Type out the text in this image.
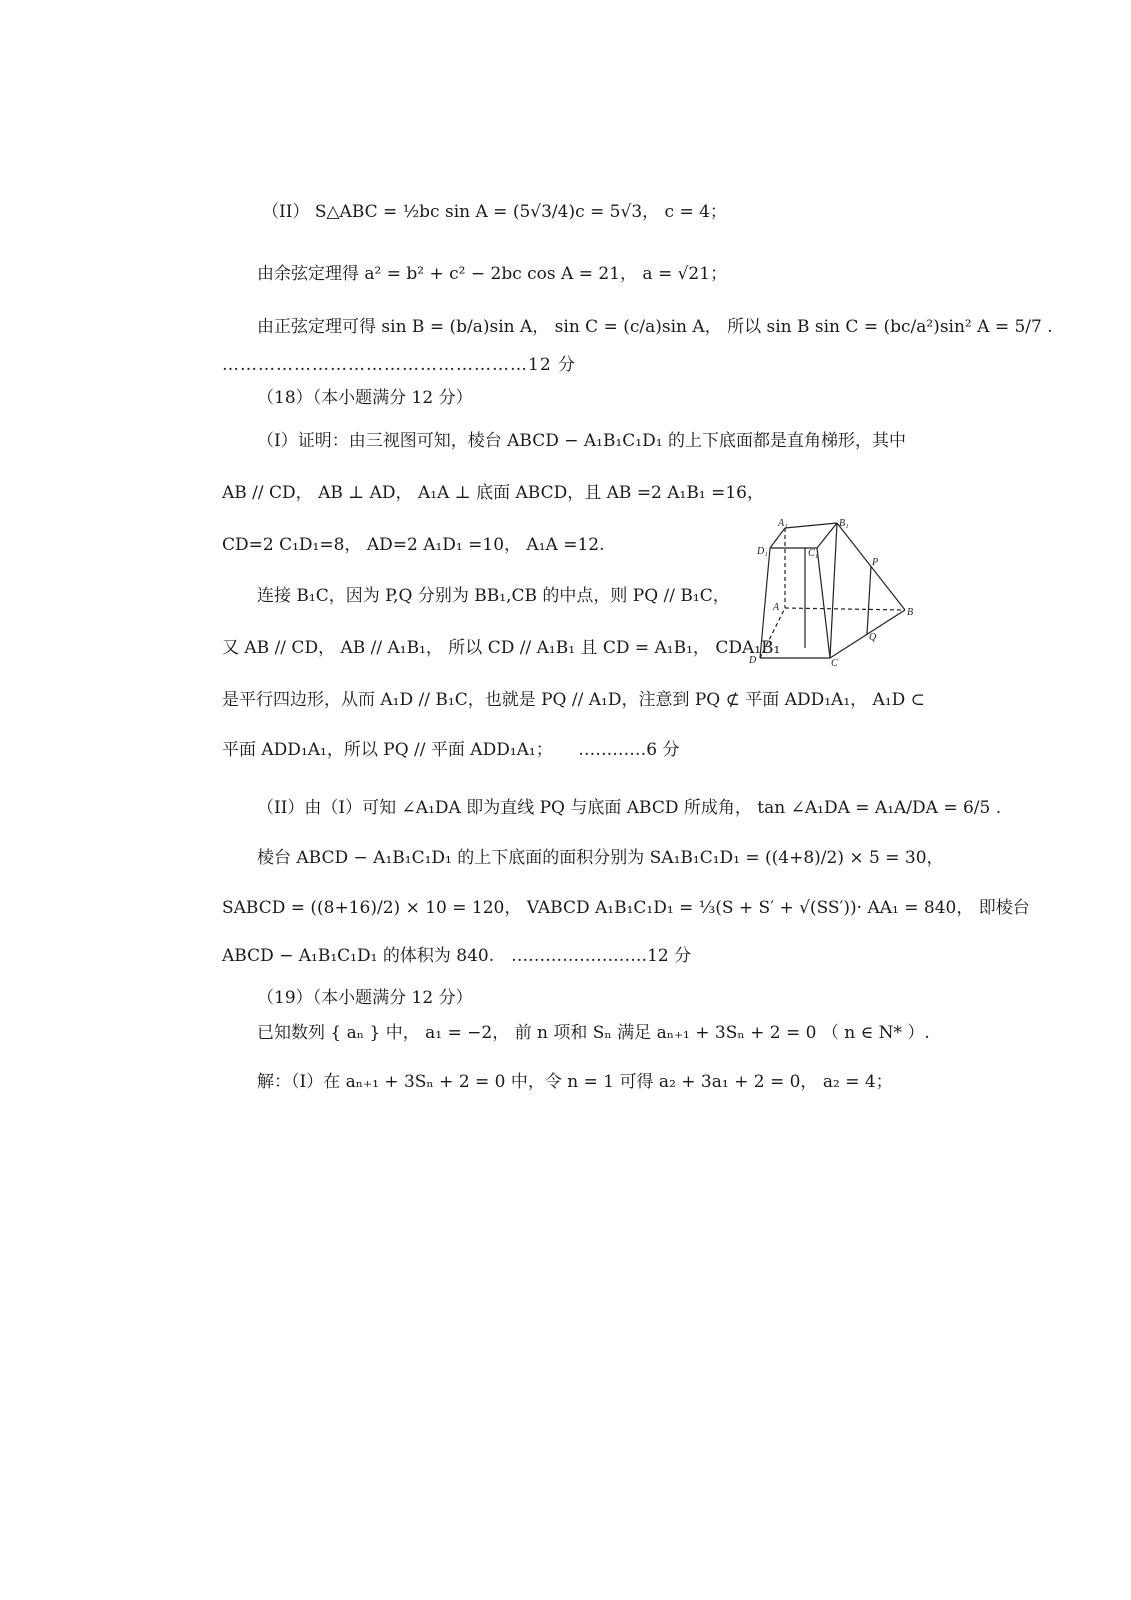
（II） S△ABC = ½bc sin A = (5√3/4)c = 5√3， c = 4；
由余弦定理得 a² = b² + c² − 2bc cos A = 21， a = √21；
由正弦定理可得 sin B = (b/a)sin A， sin C = (c/a)sin A， 所以 sin B sin C = (bc/a²)sin² A = 5/7 .
……………………………………………12 分
（18）（本小题满分 12 分）
（I）证明：由三视图可知，棱台 ABCD − A₁B₁C₁D₁ 的上下底面都是直角梯形，其中
AB // CD， AB ⊥ AD， A₁A ⊥ 底面 ABCD，且 AB =2 A₁B₁ =16，
CD=2 C₁D₁=8， AD=2 A₁D₁ =10， A₁A =12.
连接 B₁C，因为 P,Q 分别为 BB₁,CB 的中点，则 PQ // B₁C，
又 AB // CD， AB // A₁B₁， 所以 CD // A₁B₁ 且 CD = A₁B₁， CDA₁B₁
是平行四边形，从而 A₁D // B₁C，也就是 PQ // A₁D，注意到 PQ ⊄ 平面 ADD₁A₁， A₁D ⊂
平面 ADD₁A₁，所以 PQ // 平面 ADD₁A₁；　　…………6 分
（II）由（I）可知 ∠A₁DA 即为直线 PQ 与底面 ABCD 所成角， tan ∠A₁DA = A₁A/DA = 6/5 .
棱台 ABCD − A₁B₁C₁D₁ 的上下底面的面积分别为 SA₁B₁C₁D₁ = ((4+8)/2) × 5 = 30，
SABCD = ((8+16)/2) × 10 = 120， VABCD A₁B₁C₁D₁ = ⅓(S + S′ + √(SS′))· AA₁ = 840， 即棱台
ABCD − A₁B₁C₁D₁ 的体积为 840.　……………………12 分
（19）（本小题满分 12 分）
已知数列 { aₙ } 中， a₁ = −2， 前 n 项和 Sₙ 满足 aₙ₊₁ + 3Sₙ + 2 = 0 （ n ∈ N* ）.
解：（I）在 aₙ₊₁ + 3Sₙ + 2 = 0 中，令 n = 1 可得 a₂ + 3a₁ + 2 = 0， a₂ = 4；
A₁	B₁
C₁
D₁
A	B
C
D
P
Q
